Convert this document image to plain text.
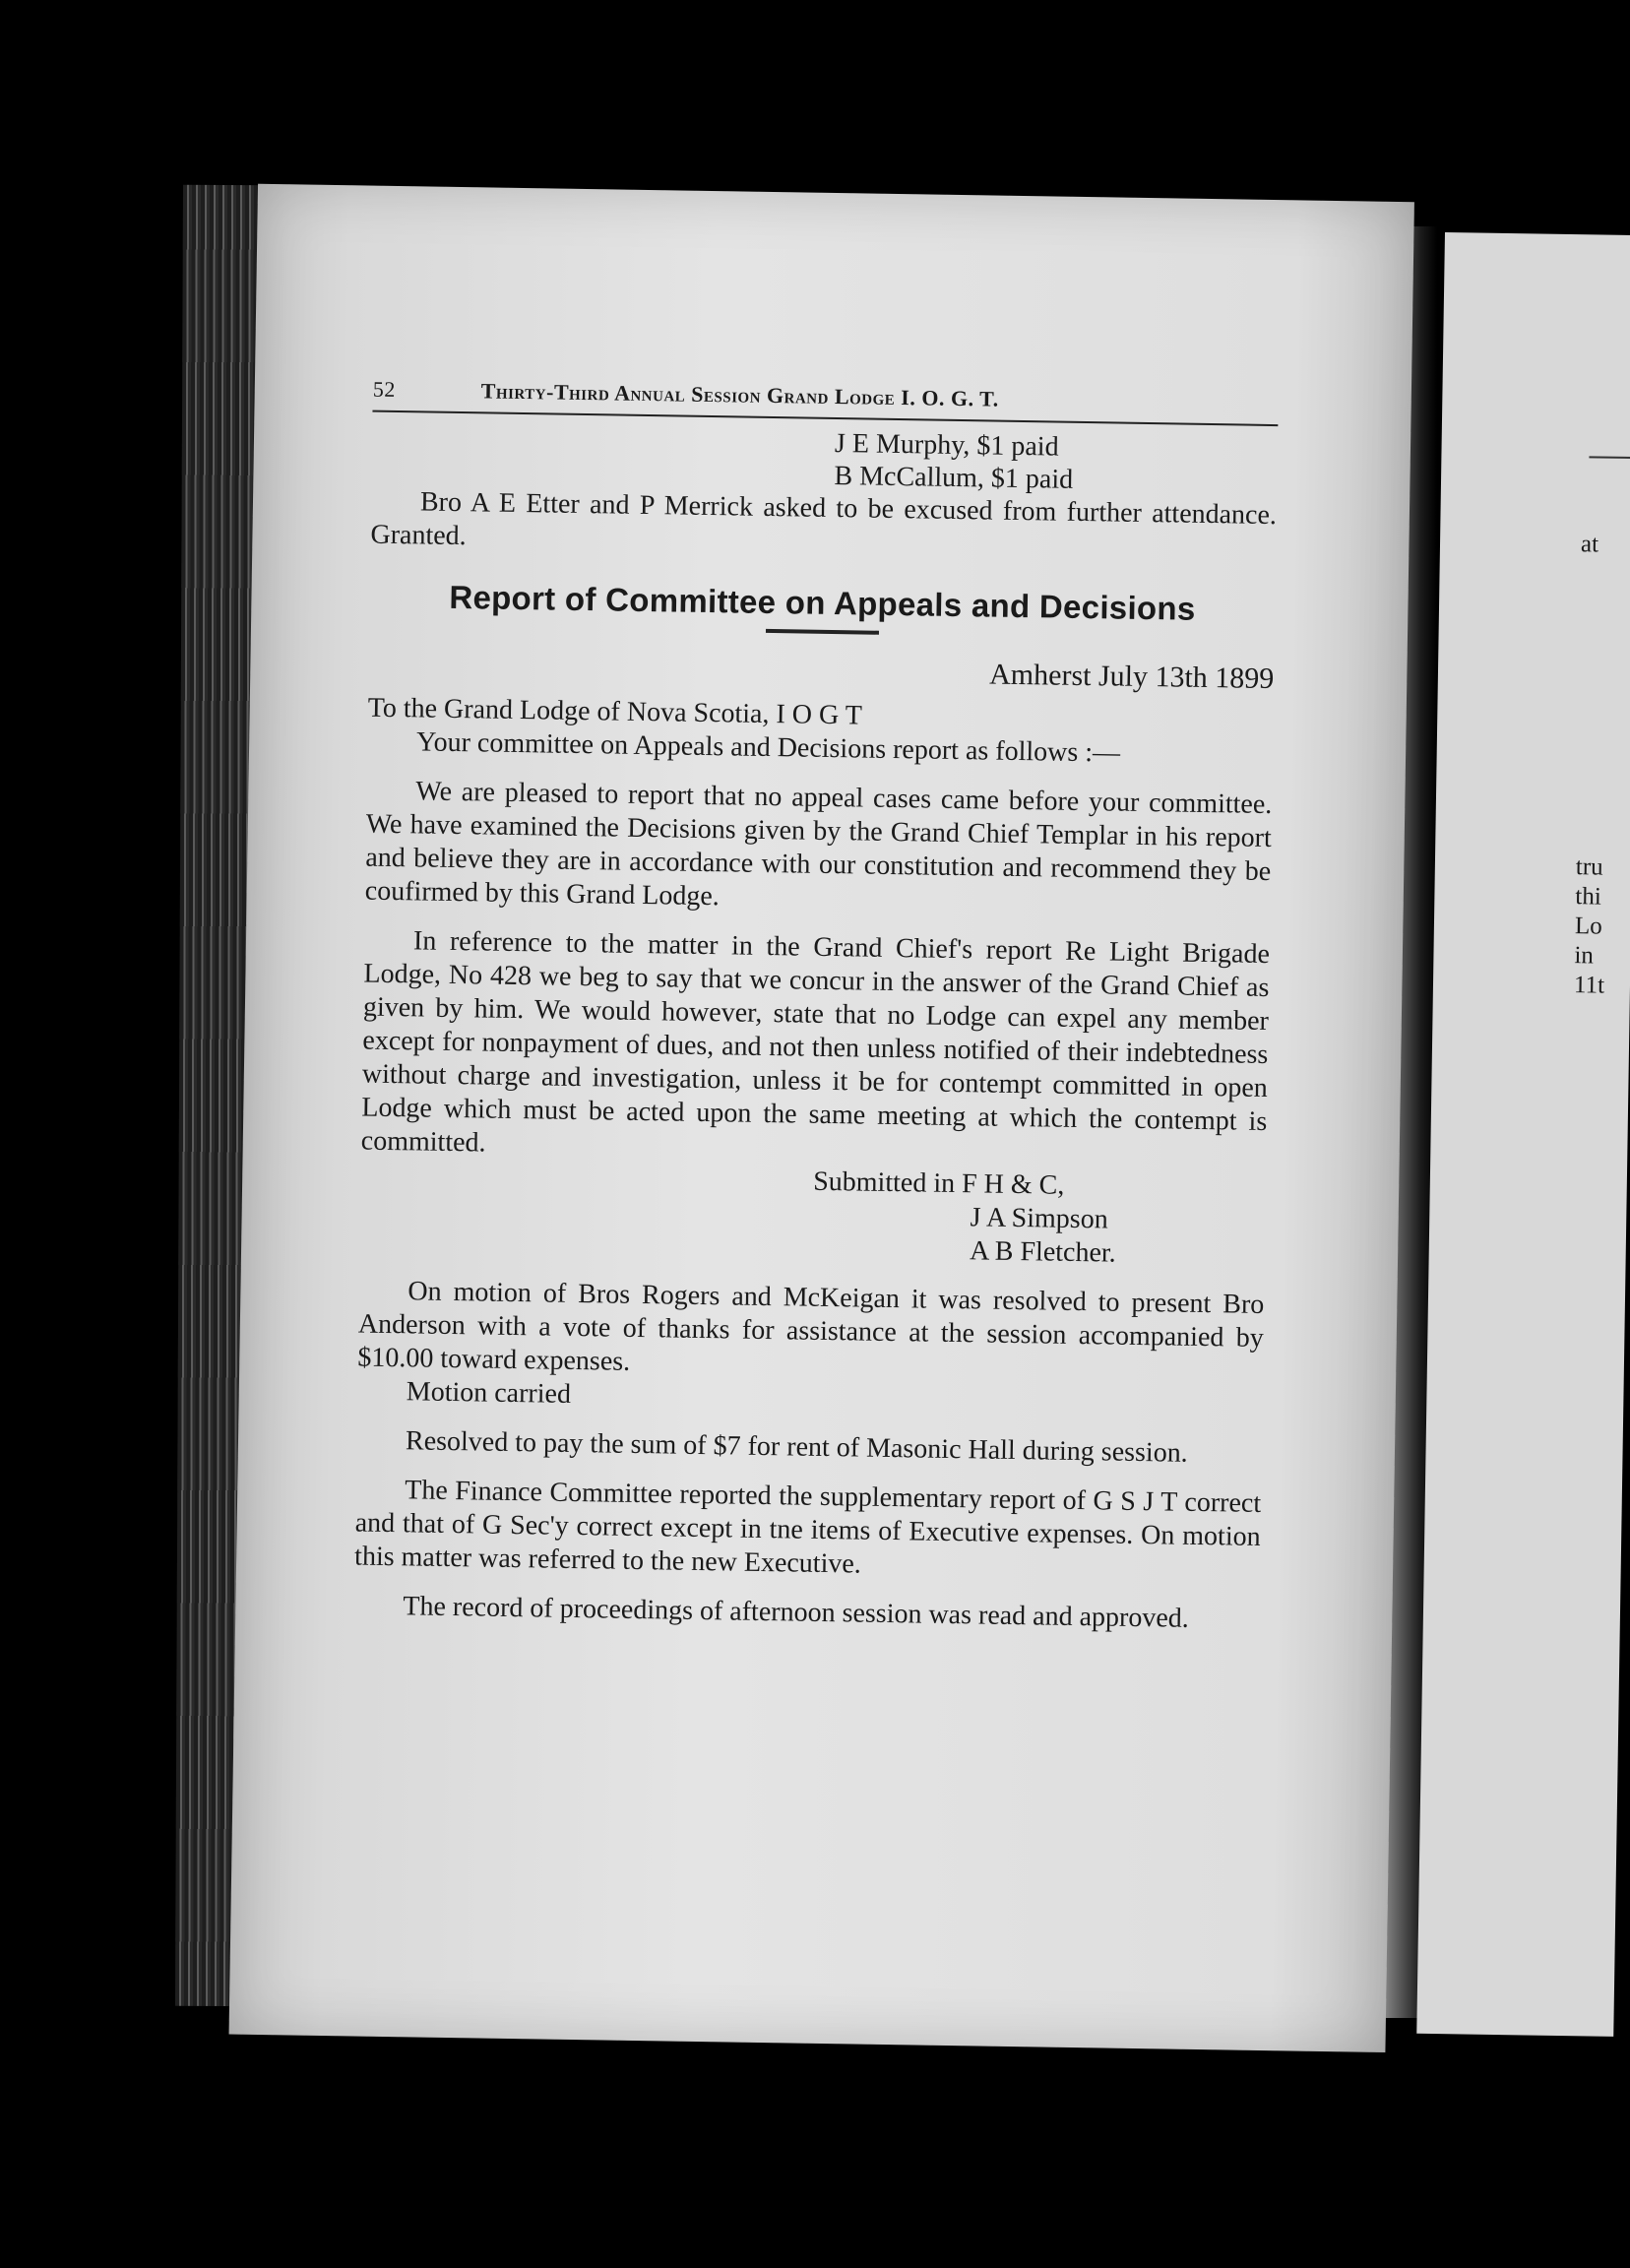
at
tru
thi
Lo
in
11t
52	Thirty-Third Annual Session Grand Lodge I. O. G. T.
J E Murphy, $1 paid
B McCallum, $1 paid

Bro A E Etter and P Merrick asked to be excused from further attendance. Granted.

Report of Committee on Appeals and Decisions
Amherst July 13th 1899

To the Grand Lodge of Nova Scotia, I O G T

Your committee on Appeals and Decisions report as follows :—

We are pleased to report that no appeal cases came before your committee. We have examined the Decisions given by the Grand Chief Templar in his report and believe they are in accordance with our constitution and recommend they be coufirmed by this Grand Lodge.

In reference to the matter in the Grand Chief's report Re Light Brigade Lodge, No 428 we beg to say that we concur in the answer of the Grand Chief as given by him. We would however, state that no Lodge can expel any member except for nonpayment of dues, and not then unless notified of their indebtedness without charge and investigation, unless it be for contempt committed in open Lodge which must be acted upon the same meeting at which the contempt is committed.

Submitted in F H & C,
J A Simpson
A B Fletcher.

On motion of Bros Rogers and McKeigan it was resolved to present Bro Anderson with a vote of thanks for assistance at the session accompanied by $10.00 toward expenses.

Motion carried

Resolved to pay the sum of $7 for rent of Masonic Hall during session.

The Finance Committee reported the supplementary report of G S J T correct and that of G Sec'y correct except in tne items of Executive expenses. On motion this matter was referred to the new Executive.

The record of proceedings of afternoon session was read and approved.
